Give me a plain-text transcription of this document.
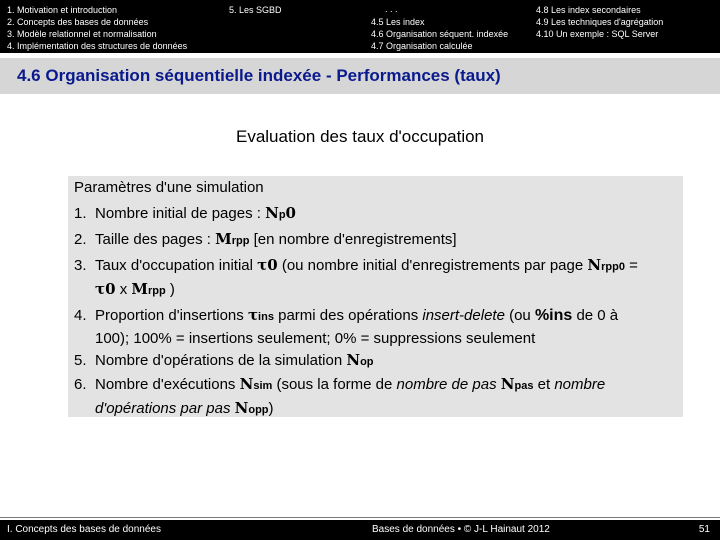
1. Motivation et introduction
2. Concepts des bases de données
3. Modèle relationnel et normalisation
4. Implémentation des structures de données
5. Les SGBD	. . .	4.8 Les index secondaires
4.5 Les index	4.9 Les techniques d'agrégation
4.6 Organisation séquent. indexée	4.10 Un exemple : SQL Server
4.7 Organisation calculée
4.6 Organisation séquentielle indexée - Performances (taux)
Evaluation des taux d'occupation
Paramètres d'une simulation
1. Nombre initial de pages : Np0
2. Taille des pages : Mrpp [en nombre d'enregistrements]
3. Taux d'occupation initial τ0 (ou nombre initial d'enregistrements par page Nrpp0 =
τ0 x Mrpp )
4. Proportion d'insertions τins parmi des opérations insert-delete (ou %ins de 0 à
100); 100% = insertions seulement; 0% = suppressions seulement
5. Nombre d'opérations de la simulation Nop
6. Nombre d'exécutions Nsim (sous la forme de nombre de pas Npas et nombre
d'opérations par pas Nopp)
I. Concepts des bases de données	Bases de données • © J-L Hainaut 2012	51
